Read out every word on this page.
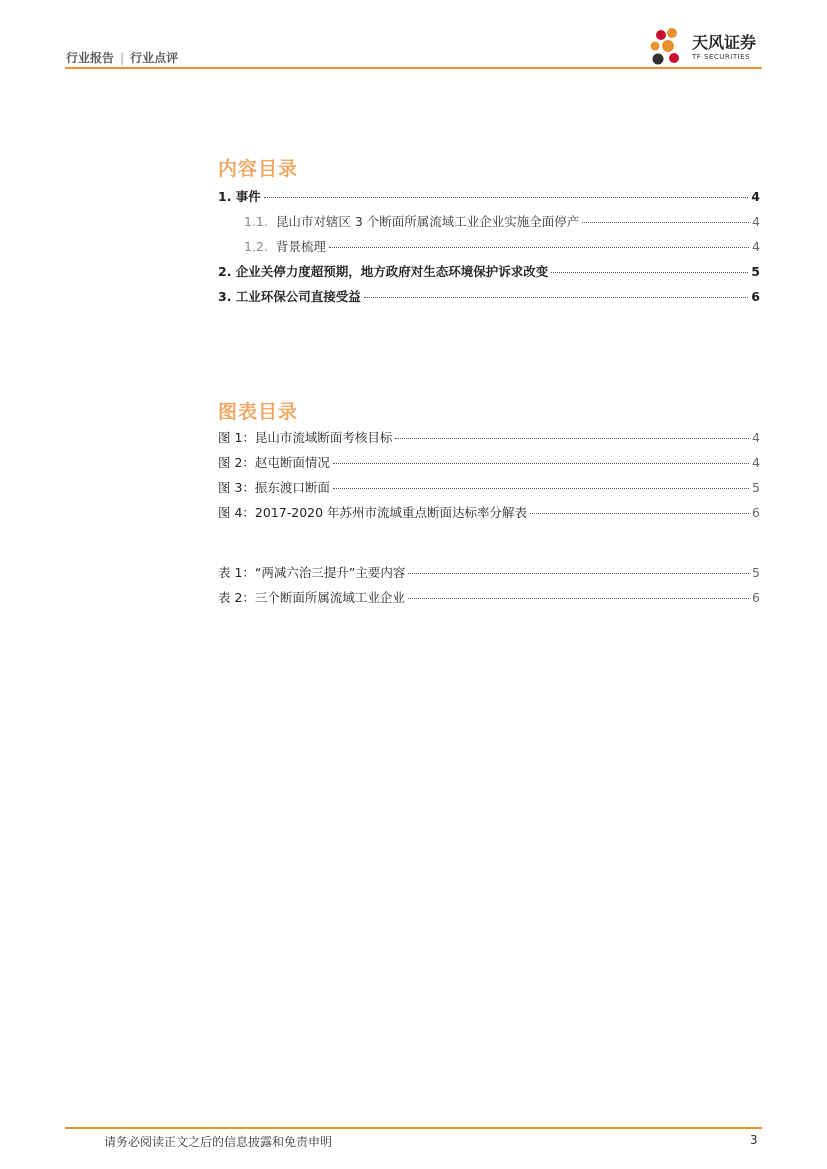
行业报告 | 行业点评
天风证券
TF SECURITIES
内容目录
1. 事件	4
1.1. 昆山市对辖区 3 个断面所属流域工业企业实施全面停产	4
1.2. 背景梳理	4
2. 企业关停力度超预期，地方政府对生态环境保护诉求改变	5
3. 工业环保公司直接受益	6
图表目录
图 1：昆山市流域断面考核目标	4
图 2：赵屯断面情况	4
图 3：振东渡口断面	5
图 4：2017-2020 年苏州市流域重点断面达标率分解表	6
表 1：“两减六治三提升”主要内容	5
表 2：三个断面所属流域工业企业	6
请务必阅读正文之后的信息披露和免责申明	3
